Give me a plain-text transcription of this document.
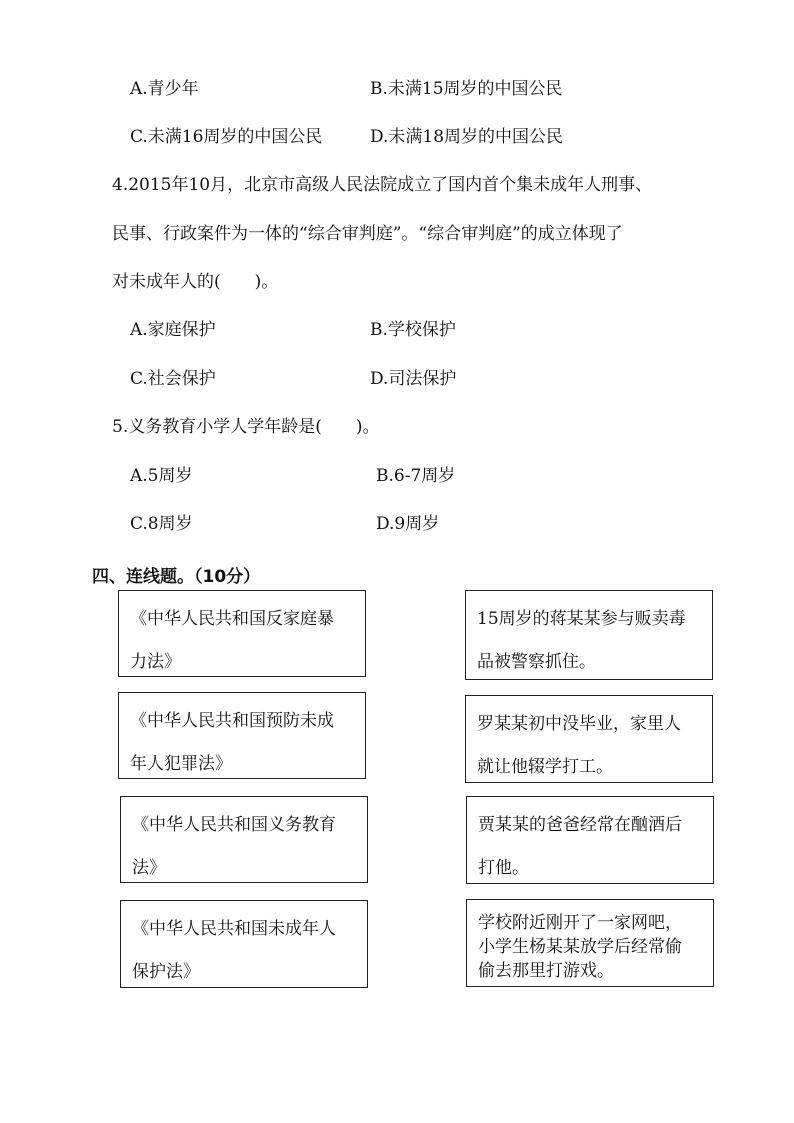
A.青少年	B.未满15周岁的中国公民
C.未满16周岁的中国公民	D.未满18周岁的中国公民
4.2015年10月，北京市高级人民法院成立了国内首个集未成年人刑事、
民事、行政案件为一体的“综合审判庭”。“综合审判庭”的成立体现了
对未成年人的(　　)。
A.家庭保护	B.学校保护
C.社会保护	D.司法保护
5.义务教育小学人学年龄是(　　)。
A.5周岁	B.6-7周岁
C.8周岁	D.9周岁
四、连线题。（10分）
《中华人民共和国反家庭暴
力法》
《中华人民共和国预防未成
年人犯罪法》
《中华人民共和国义务教育
法》
《中华人民共和国未成年人
保护法》
15周岁的蒋某某参与贩卖毒
品被警察抓住。
罗某某初中没毕业，家里人
就让他辍学打工。
贾某某的爸爸经常在酗酒后
打他。
学校附近刚开了一家网吧，
小学生杨某某放学后经常偷
偷去那里打游戏。
